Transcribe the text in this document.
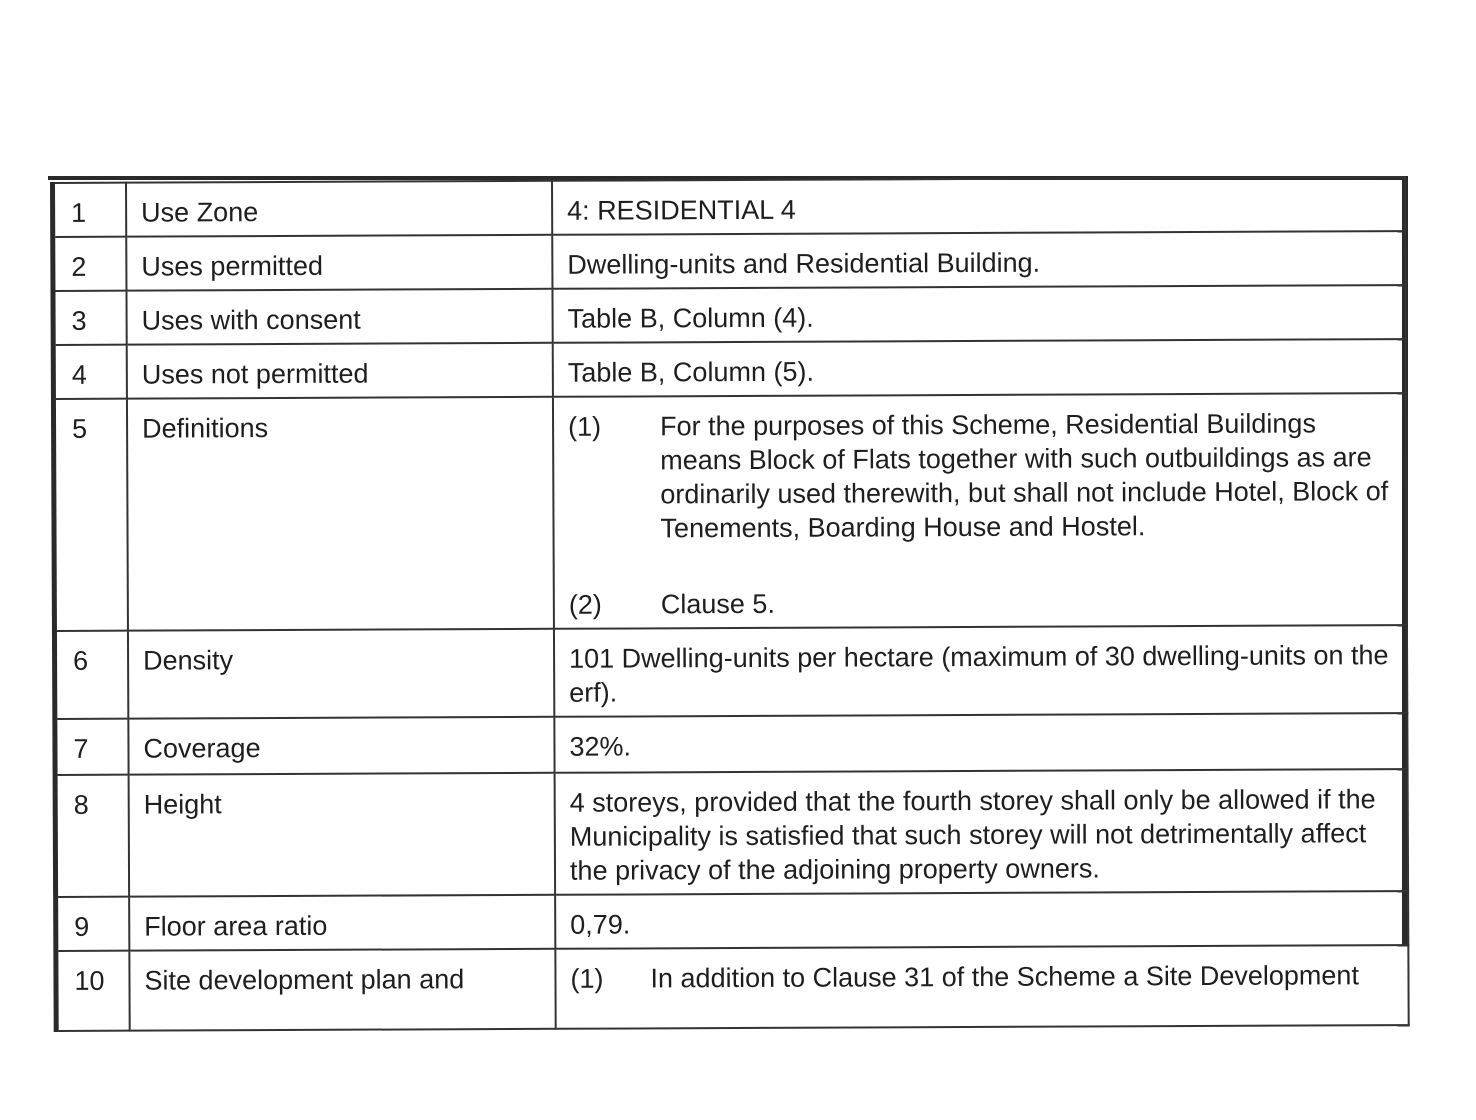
1	Use Zone	4: RESIDENTIAL 4
2	Uses permitted	Dwelling-units and Residential Building.
3	Uses with consent	Table B, Column (4).
4	Uses not permitted	Table B, Column (5).
5	Definitions	(1) For the purposes of this Scheme, Residential Buildings means Block of Flats together with such outbuildings as are ordinarily used therewith, but shall not include Hotel, Block of Tenements, Boarding House and Hostel.
(2) Clause 5.

6	Density	101 Dwelling-units per hectare (maximum of 30 dwelling-units on the erf).
7	Coverage	32%.
8	Height	4 storeys, provided that the fourth storey shall only be allowed if the Municipality is satisfied that such storey will not detrimentally affect the privacy of the adjoining property owners.
9	Floor area ratio	0,79.
10	Site development plan and	(1) In addition to Clause 31 of the Scheme a Site Development
